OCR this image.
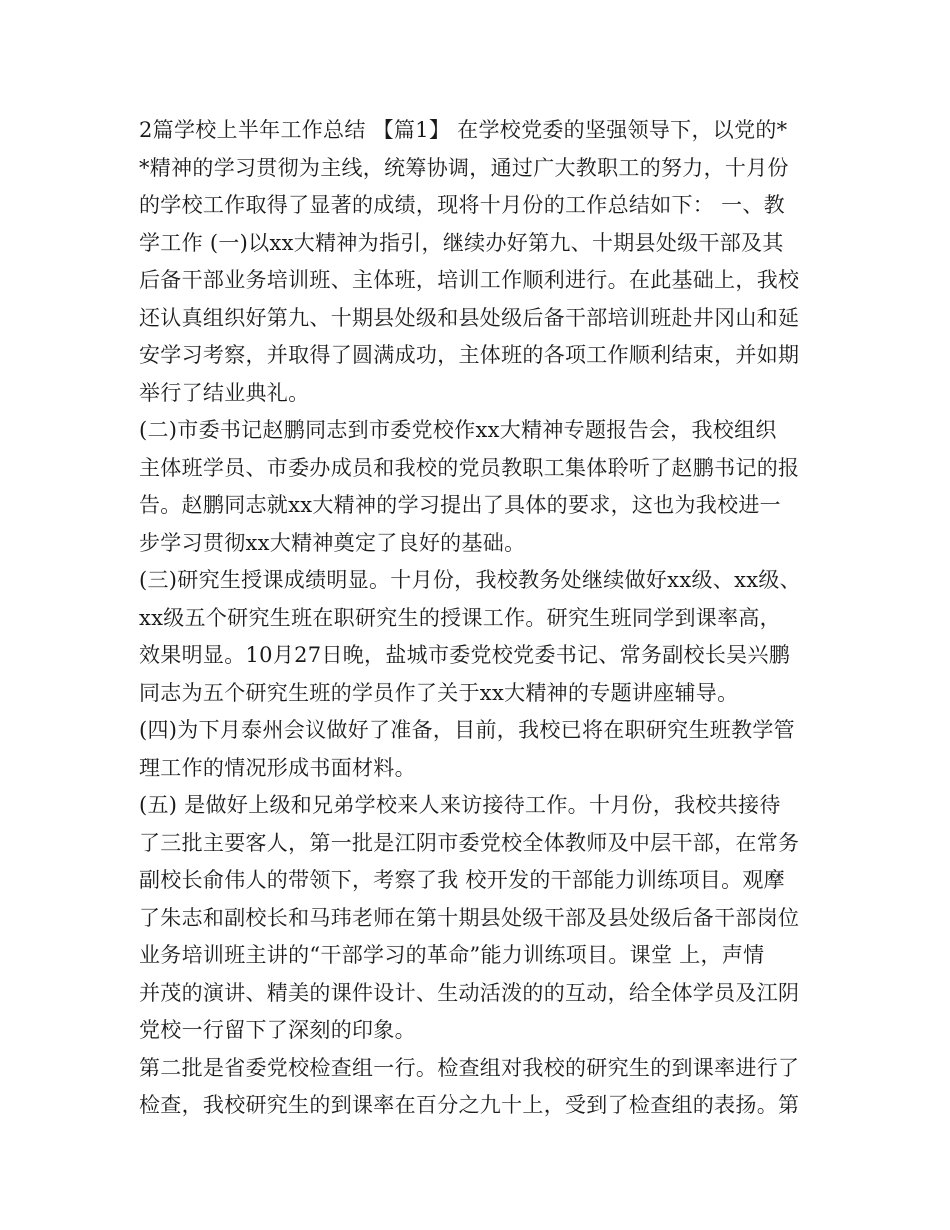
2篇学校上半年工作总结 【篇1】 在学校党委的坚强领导下，以党的*
*精神的学习贯彻为主线，统筹协调，通过广大教职工的努力，十月份
的学校工作取得了显著的成绩，现将十月份的工作总结如下： 一、教
学工作 (一)以xx大精神为指引，继续办好第九、十期县处级干部及其
后备干部业务培训班、主体班，培训工作顺利进行。在此基础上，我校
还认真组织好第九、十期县处级和县处级后备干部培训班赴井冈山和延
安学习考察，并取得了圆满成功，主体班的各项工作顺利结束，并如期
举行了结业典礼。
(二)市委书记赵鹏同志到市委党校作xx大精神专题报告会，我校组织
主体班学员、市委办成员和我校的党员教职工集体聆听了赵鹏书记的报
告。赵鹏同志就xx大精神的学习提出了具体的要求，这也为我校进一
步学习贯彻xx大精神奠定了良好的基础。
(三)研究生授课成绩明显。十月份，我校教务处继续做好xx级、xx级、
xx级五个研究生班在职研究生的授课工作。研究生班同学到课率高，
效果明显。10月27日晚，盐城市委党校党委书记、常务副校长吴兴鹏
同志为五个研究生班的学员作了关于xx大精神的专题讲座辅导。
(四)为下月泰州会议做好了准备，目前，我校已将在职研究生班教学管
理工作的情况形成书面材料。
(五) 是做好上级和兄弟学校来人来访接待工作。十月份，我校共接待
了三批主要客人，第一批是江阴市委党校全体教师及中层干部，在常务
副校长俞伟人的带领下，考察了我 校开发的干部能力训练项目。观摩
了朱志和副校长和马玮老师在第十期县处级干部及县处级后备干部岗位
业务培训班主讲的“干部学习的革命”能力训练项目。课堂 上，声情
并茂的演讲、精美的课件设计、生动活泼的的互动，给全体学员及江阴
党校一行留下了深刻的印象。
第二批是省委党校检查组一行。检查组对我校的研究生的到课率进行了
检查，我校研究生的到课率在百分之九十上，受到了检查组的表扬。第
